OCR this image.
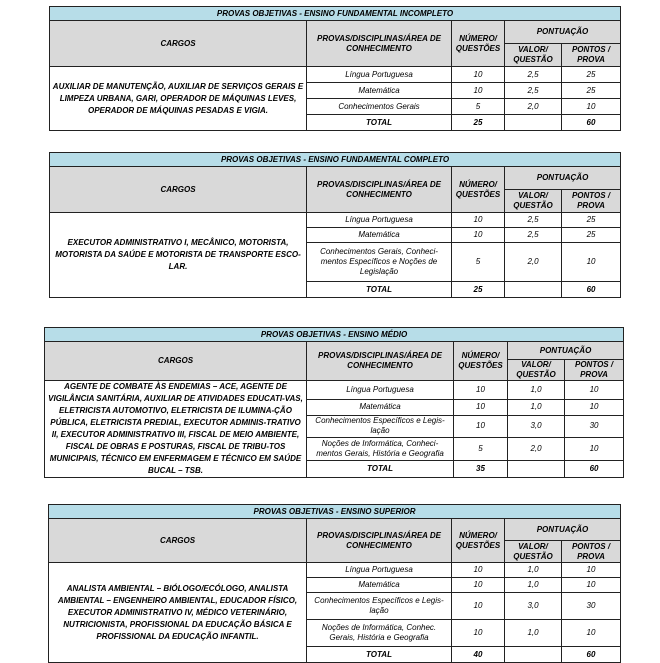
PROVAS OBJETIVAS - ENSINO FUNDAMENTAL INCOMPLETO				
CARGOS	PROVAS/DISCIPLINAS/ÁREA DE CONHECIMENTO	NÚMERO/ QUESTÕES	PONTUAÇÃO	
			VALOR/ QUESTÃO	PONTOS / PROVA
AUXILIAR DE MANUTENÇÃO, AUXILIAR DE SERVIÇOS GERAIS E LIMPEZA URBANA, GARI, OPERADOR DE MÁQUINAS LEVES, OPERADOR DE MÁQUINAS PESADAS E VIGIA.	Língua Portuguesa	10	2,5	25
	Matemática	10	2,5	25
	Conhecimentos Gerais	5	2,0	10
	TOTAL	25		60
PROVAS OBJETIVAS - ENSINO FUNDAMENTAL COMPLETO				
CARGOS	PROVAS/DISCIPLINAS/ÁREA DE CONHECIMENTO	NÚMERO/ QUESTÕES	PONTUAÇÃO	
			VALOR/ QUESTÃO	PONTOS / PROVA
EXECUTOR ADMINISTRATIVO I, MECÂNICO, MOTORISTA, MOTORISTA DA SAÚDE E MOTORISTA DE TRANSPORTE ESCO-LAR.	Língua Portuguesa	10	2,5	25
	Matemática	10	2,5	25
	Conhecimentos Gerais, Conheci-mentos Específicos e Noções de Legislação	5	2,0	10
	TOTAL	25		60
PROVAS OBJETIVAS - ENSINO MÉDIO				
CARGOS	PROVAS/DISCIPLINAS/ÁREA DE CONHECIMENTO	NÚMERO/ QUESTÕES	PONTUAÇÃO	
			VALOR/ QUESTÃO	PONTOS / PROVA
AGENTE DE COMBATE ÀS ENDEMIAS – ACE, AGENTE DE VIGILÂNCIA SANITÁRIA, AUXILIAR DE ATIVIDADES EDUCATI-VAS, ELETRICISTA AUTOMOTIVO, ELETRICISTA DE ILUMINA-ÇÃO PÚBLICA, ELETRICISTA PREDIAL, EXECUTOR ADMINIS-TRATIVO II, EXECUTOR ADMINISTRATIVO III, FISCAL DE MEIO AMBIENTE, FISCAL DE OBRAS E POSTURAS, FISCAL DE TRIBU-TOS MUNICIPAIS, TÉCNICO EM ENFERMAGEM E TÉCNICO EM SAÚDE BUCAL – TSB.	Língua Portuguesa	10	1,0	10
	Matemática	10	1,0	10
	Conhecimentos Específicos e Legis-lação	10	3,0	30
	Noções de Informática, Conheci-mentos Gerais, História e Geografia	5	2,0	10
	TOTAL	35		60
PROVAS OBJETIVAS - ENSINO SUPERIOR				
CARGOS	PROVAS/DISCIPLINAS/ÁREA DE CONHECIMENTO	NÚMERO/ QUESTÕES	PONTUAÇÃO	
			VALOR/ QUESTÃO	PONTOS / PROVA
ANALISTA AMBIENTAL – BIÓLOGO/ECÓLOGO, ANALISTA AMBIENTAL – ENGENHEIRO AMBIENTAL, EDUCADOR FÍSICO, EXECUTOR ADMINISTRATIVO IV, MÉDICO VETERINÁRIO, NUTRICIONISTA, PROFISSIONAL DA EDUCAÇÃO BÁSICA E PROFISSIONAL DA EDUCAÇÃO INFANTIL.	Língua Portuguesa	10	1,0	10
	Matemática	10	1,0	10
	Conhecimentos Específicos e Legis-lação	10	3,0	30
	Noções de Informática, Conhec. Gerais, História e Geografia	10	1,0	10
	TOTAL	40		60
